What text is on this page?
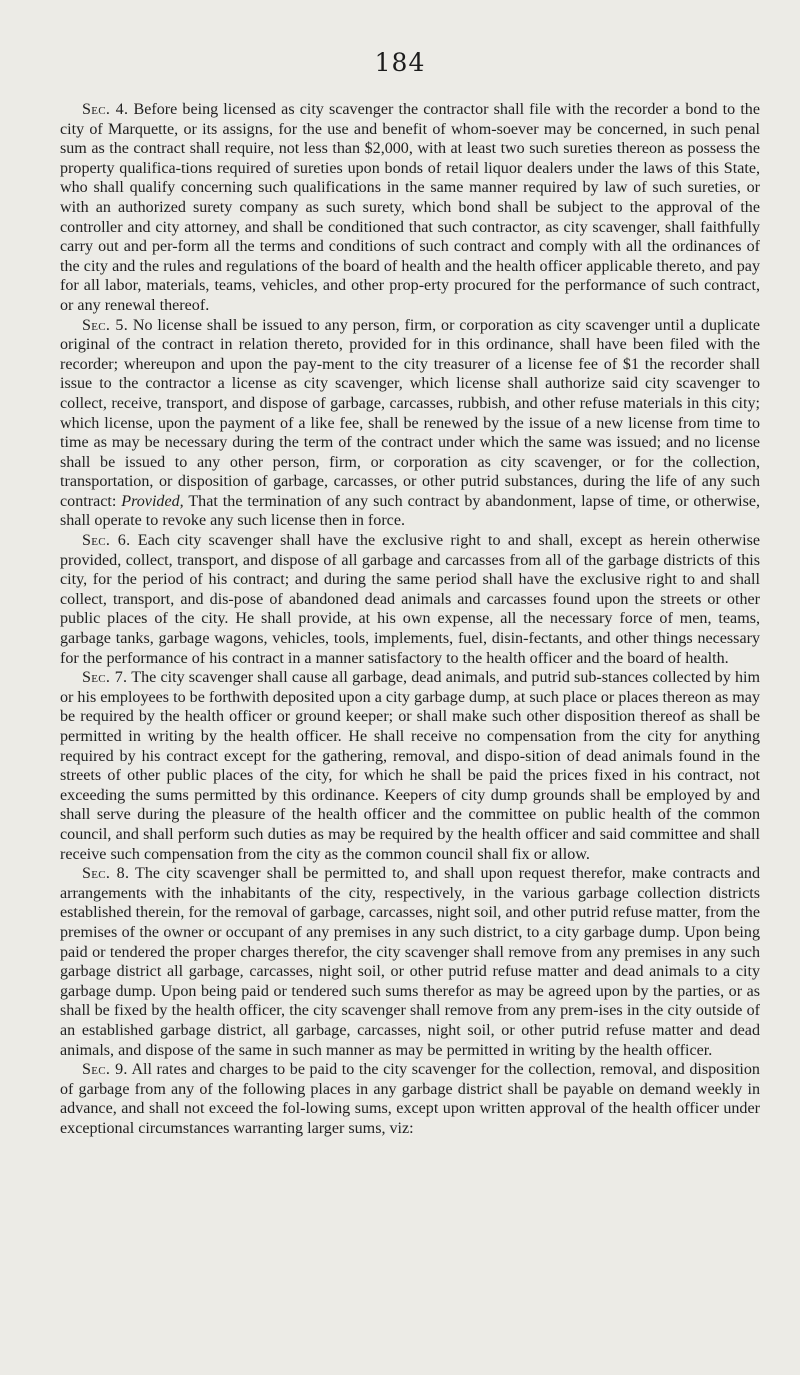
184

Sec. 4. Before being licensed as city scavenger the contractor shall file with the recorder a bond to the city of Marquette, or its assigns, for the use and benefit of whom-soever may be concerned, in such penal sum as the contract shall require, not less than $2,000, with at least two such sureties thereon as possess the property qualifica-tions required of sureties upon bonds of retail liquor dealers under the laws of this State, who shall qualify concerning such qualifications in the same manner required by law of such sureties, or with an authorized surety company as such surety, which bond shall be subject to the approval of the controller and city attorney, and shall be conditioned that such contractor, as city scavenger, shall faithfully carry out and per-form all the terms and conditions of such contract and comply with all the ordinances of the city and the rules and regulations of the board of health and the health officer applicable thereto, and pay for all labor, materials, teams, vehicles, and other prop-erty procured for the performance of such contract, or any renewal thereof.

Sec. 5. No license shall be issued to any person, firm, or corporation as city scavenger until a duplicate original of the contract in relation thereto, provided for in this ordinance, shall have been filed with the recorder; whereupon and upon the pay-ment to the city treasurer of a license fee of $1 the recorder shall issue to the contractor a license as city scavenger, which license shall authorize said city scavenger to collect, receive, transport, and dispose of garbage, carcasses, rubbish, and other refuse materials in this city; which license, upon the payment of a like fee, shall be renewed by the issue of a new license from time to time as may be necessary during the term of the contract under which the same was issued; and no license shall be issued to any other person, firm, or corporation as city scavenger, or for the collection, transportation, or disposition of garbage, carcasses, or other putrid substances, during the life of any such contract: Provided, That the termination of any such contract by abandonment, lapse of time, or otherwise, shall operate to revoke any such license then in force.

Sec. 6. Each city scavenger shall have the exclusive right to and shall, except as herein otherwise provided, collect, transport, and dispose of all garbage and carcasses from all of the garbage districts of this city, for the period of his contract; and during the same period shall have the exclusive right to and shall collect, transport, and dis-pose of abandoned dead animals and carcasses found upon the streets or other public places of the city. He shall provide, at his own expense, all the necessary force of men, teams, garbage tanks, garbage wagons, vehicles, tools, implements, fuel, disin-fectants, and other things necessary for the performance of his contract in a manner satisfactory to the health officer and the board of health.

Sec. 7. The city scavenger shall cause all garbage, dead animals, and putrid sub-stances collected by him or his employees to be forthwith deposited upon a city garbage dump, at such place or places thereon as may be required by the health officer or ground keeper; or shall make such other disposition thereof as shall be permitted in writing by the health officer. He shall receive no compensation from the city for anything required by his contract except for the gathering, removal, and dispo-sition of dead animals found in the streets of other public places of the city, for which he shall be paid the prices fixed in his contract, not exceeding the sums permitted by this ordinance. Keepers of city dump grounds shall be employed by and shall serve during the pleasure of the health officer and the committee on public health of the common council, and shall perform such duties as may be required by the health officer and said committee and shall receive such compensation from the city as the common council shall fix or allow.

Sec. 8. The city scavenger shall be permitted to, and shall upon request therefor, make contracts and arrangements with the inhabitants of the city, respectively, in the various garbage collection districts established therein, for the removal of garbage, carcasses, night soil, and other putrid refuse matter, from the premises of the owner or occupant of any premises in any such district, to a city garbage dump. Upon being paid or tendered the proper charges therefor, the city scavenger shall remove from any premises in any such garbage district all garbage, carcasses, night soil, or other putrid refuse matter and dead animals to a city garbage dump. Upon being paid or tendered such sums therefor as may be agreed upon by the parties, or as shall be fixed by the health officer, the city scavenger shall remove from any prem-ises in the city outside of an established garbage district, all garbage, carcasses, night soil, or other putrid refuse matter and dead animals, and dispose of the same in such manner as may be permitted in writing by the health officer.

Sec. 9. All rates and charges to be paid to the city scavenger for the collection, removal, and disposition of garbage from any of the following places in any garbage district shall be payable on demand weekly in advance, and shall not exceed the fol-lowing sums, except upon written approval of the health officer under exceptional circumstances warranting larger sums, viz:
